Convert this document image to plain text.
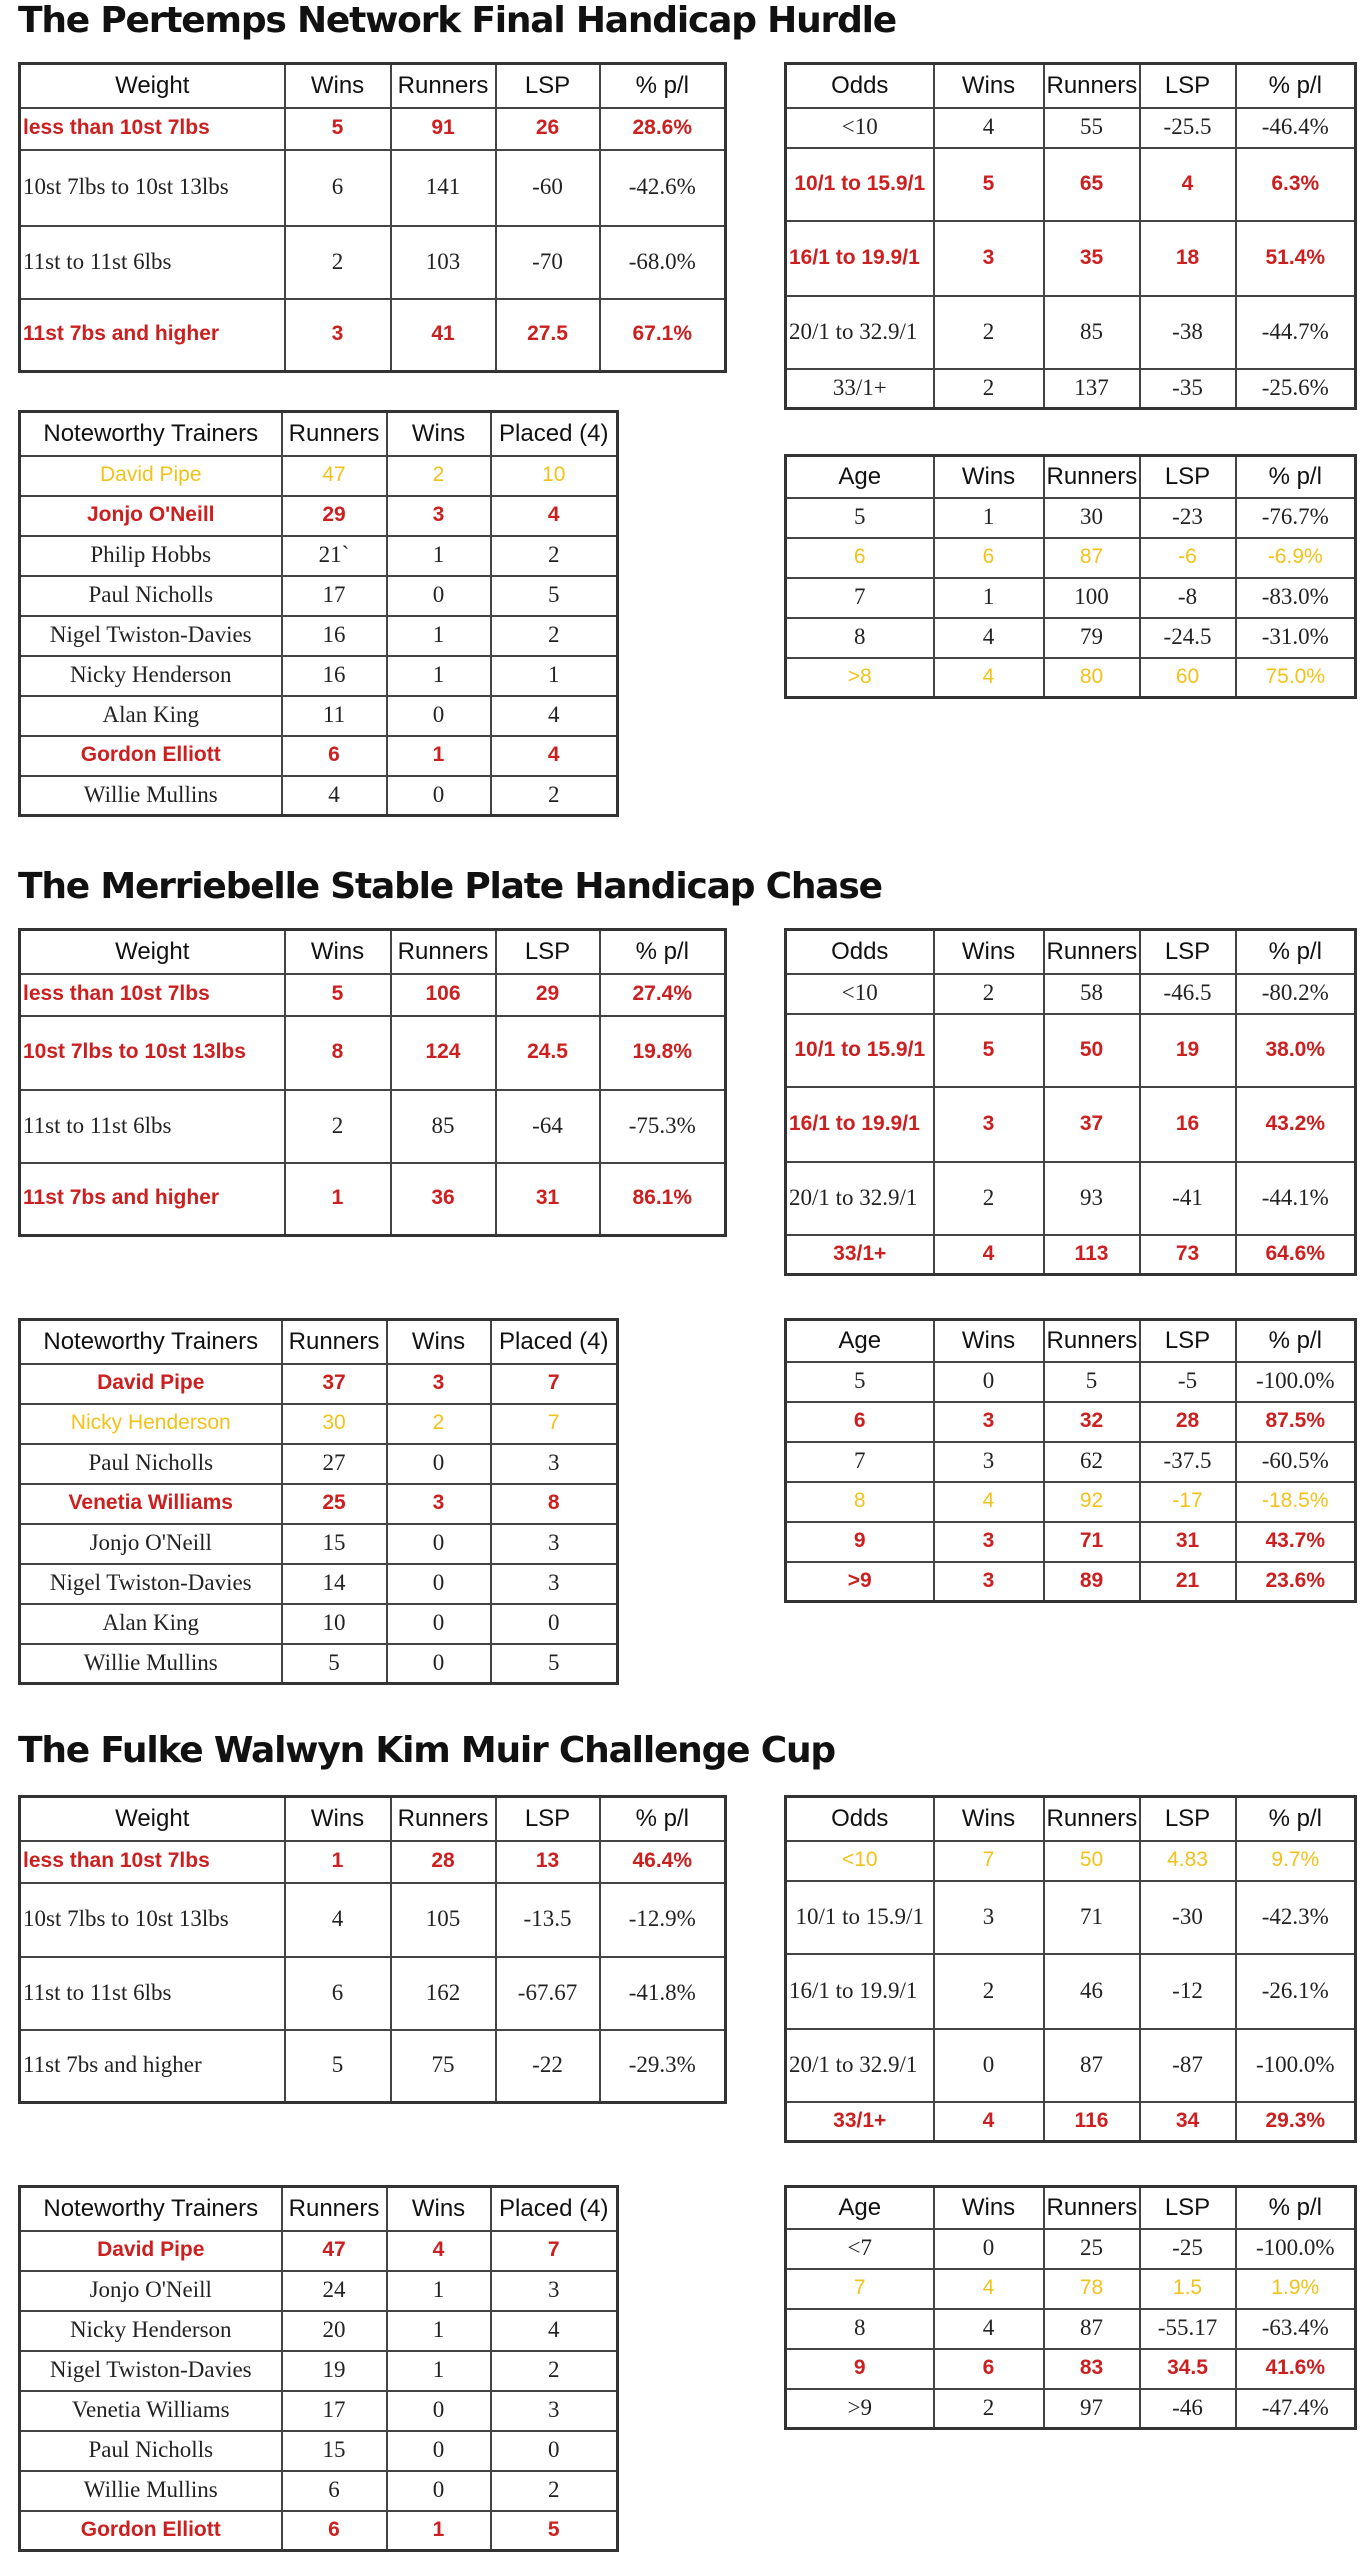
The Pertemps Network Final Handicap Hurdle
Weight	Wins	Runners	LSP	% p/l
less than 10st 7lbs	5	91	26	28.6%
10st 7lbs to 10st 13lbs	6	141	-60	-42.6%
11st to 11st 6lbs	2	103	-70	-68.0%
11st 7bs and higher	3	41	27.5	67.1%
Odds	Wins	Runners	LSP	% p/l
<10	4	55	-25.5	-46.4%
10/1 to 15.9/1	5	65	4	6.3%
16/1 to 19.9/1	3	35	18	51.4%
20/1 to 32.9/1	2	85	-38	-44.7%
33/1+	2	137	-35	-25.6%
Noteworthy Trainers	Runners	Wins	Placed (4)
David Pipe	47	2	10
Jonjo O'Neill	29	3	4
Philip Hobbs	21`	1	2
Paul Nicholls	17	0	5
Nigel Twiston-Davies	16	1	2
Nicky Henderson	16	1	1
Alan King	11	0	4
Gordon Elliott	6	1	4
Willie Mullins	4	0	2
Age	Wins	Runners	LSP	% p/l
5	1	30	-23	-76.7%
6	6	87	-6	-6.9%
7	1	100	-8	-83.0%
8	4	79	-24.5	-31.0%
>8	4	80	60	75.0%
The Merriebelle Stable Plate Handicap Chase
Weight	Wins	Runners	LSP	% p/l
less than 10st 7lbs	5	106	29	27.4%
10st 7lbs to 10st 13lbs	8	124	24.5	19.8%
11st to 11st 6lbs	2	85	-64	-75.3%
11st 7bs and higher	1	36	31	86.1%
Odds	Wins	Runners	LSP	% p/l
<10	2	58	-46.5	-80.2%
10/1 to 15.9/1	5	50	19	38.0%
16/1 to 19.9/1	3	37	16	43.2%
20/1 to 32.9/1	2	93	-41	-44.1%
33/1+	4	113	73	64.6%
Noteworthy Trainers	Runners	Wins	Placed (4)
David Pipe	37	3	7
Nicky Henderson	30	2	7
Paul Nicholls	27	0	3
Venetia Williams	25	3	8
Jonjo O'Neill	15	0	3
Nigel Twiston-Davies	14	0	3
Alan King	10	0	0
Willie Mullins	5	0	5
Age	Wins	Runners	LSP	% p/l
5	0	5	-5	-100.0%
6	3	32	28	87.5%
7	3	62	-37.5	-60.5%
8	4	92	-17	-18.5%
9	3	71	31	43.7%
>9	3	89	21	23.6%
The Fulke Walwyn Kim Muir Challenge Cup
Weight	Wins	Runners	LSP	% p/l
less than 10st 7lbs	1	28	13	46.4%
10st 7lbs to 10st 13lbs	4	105	-13.5	-12.9%
11st to 11st 6lbs	6	162	-67.67	-41.8%
11st 7bs and higher	5	75	-22	-29.3%
Odds	Wins	Runners	LSP	% p/l
<10	7	50	4.83	9.7%
10/1 to 15.9/1	3	71	-30	-42.3%
16/1 to 19.9/1	2	46	-12	-26.1%
20/1 to 32.9/1	0	87	-87	-100.0%
33/1+	4	116	34	29.3%
Noteworthy Trainers	Runners	Wins	Placed (4)
David Pipe	47	4	7
Jonjo O'Neill	24	1	3
Nicky Henderson	20	1	4
Nigel Twiston-Davies	19	1	2
Venetia Williams	17	0	3
Paul Nicholls	15	0	0
Willie Mullins	6	0	2
Gordon Elliott	6	1	5
Age	Wins	Runners	LSP	% p/l
<7	0	25	-25	-100.0%
7	4	78	1.5	1.9%
8	4	87	-55.17	-63.4%
9	6	83	34.5	41.6%
>9	2	97	-46	-47.4%
